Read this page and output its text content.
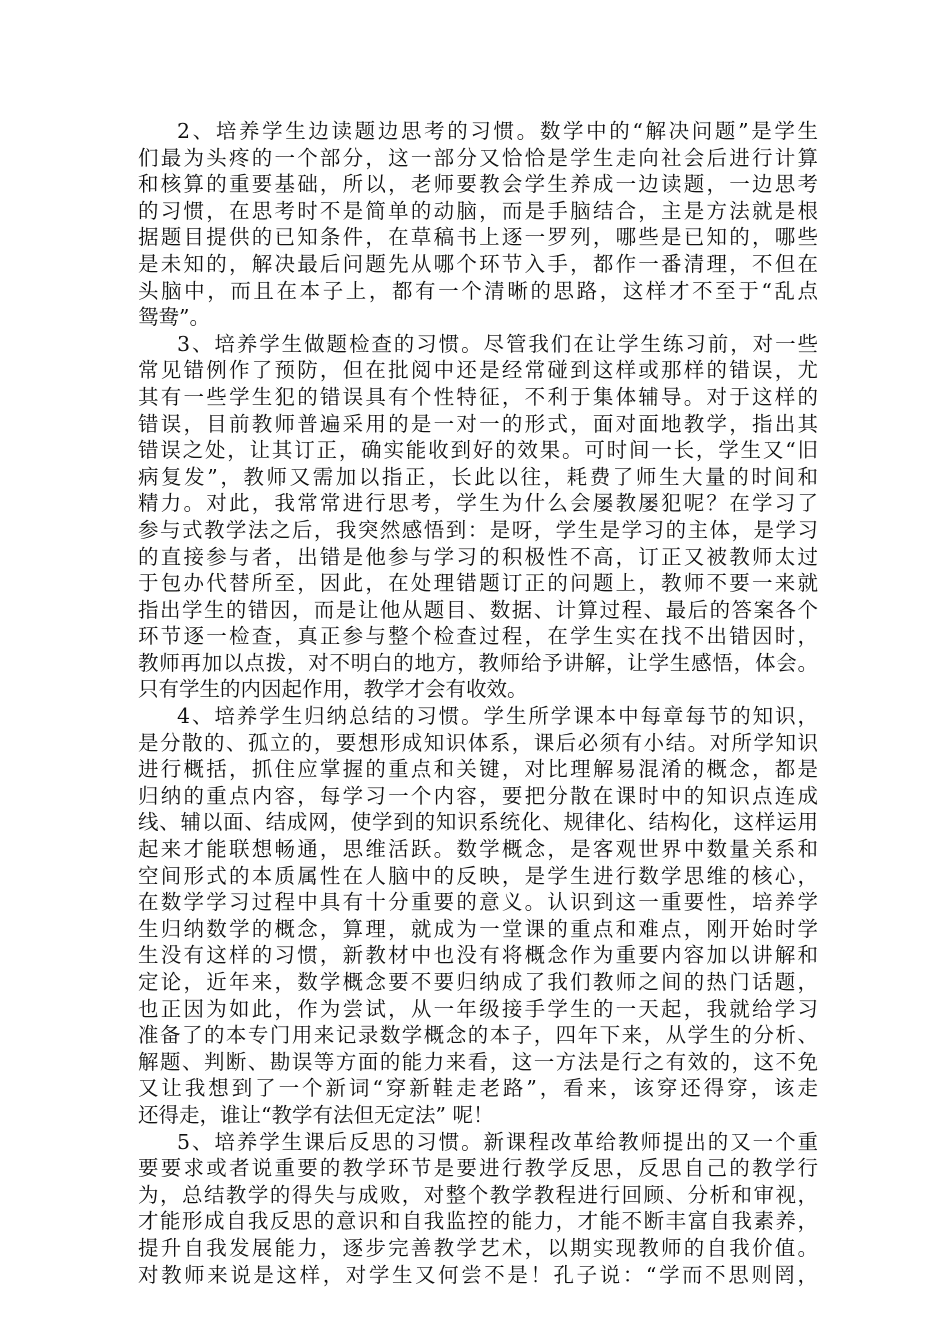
2、培养学生边读题边思考的习惯。数学中的“解决问题”是学生
们最为头疼的一个部分，这一部分又恰恰是学生走向社会后进行计算
和核算的重要基础，所以，老师要教会学生养成一边读题，一边思考
的习惯，在思考时不是简单的动脑，而是手脑结合，主是方法就是根
据题目提供的已知条件，在草稿书上逐一罗列，哪些是已知的，哪些
是未知的，解决最后问题先从哪个环节入手，都作一番清理，不但在
头脑中，而且在本子上，都有一个清晰的思路，这样才不至于“乱点
鸳鸯”。
3、培养学生做题检查的习惯。尽管我们在让学生练习前，对一些
常见错例作了预防，但在批阅中还是经常碰到这样或那样的错误，尤
其有一些学生犯的错误具有个性特征，不利于集体辅导。对于这样的
错误，目前教师普遍采用的是一对一的形式，面对面地教学，指出其
错误之处，让其订正，确实能收到好的效果。可时间一长，学生又“旧
病复发”，教师又需加以指正，长此以往，耗费了师生大量的时间和
精力。对此，我常常进行思考，学生为什么会屡教屡犯呢？在学习了
参与式教学法之后，我突然感悟到：是呀，学生是学习的主体，是学习
的直接参与者，出错是他参与学习的积极性不高，订正又被教师太过
于包办代替所至，因此，在处理错题订正的问题上，教师不要一来就
指出学生的错因，而是让他从题目、数据、计算过程、最后的答案各个
环节逐一检查，真正参与整个检查过程，在学生实在找不出错因时，
教师再加以点拨，对不明白的地方，教师给予讲解，让学生感悟，体会。
只有学生的内因起作用，教学才会有收效。
4、培养学生归纳总结的习惯。学生所学课本中每章每节的知识，
是分散的、孤立的，要想形成知识体系，课后必须有小结。对所学知识
进行概括，抓住应掌握的重点和关键，对比理解易混淆的概念，都是
归纳的重点内容，每学习一个内容，要把分散在课时中的知识点连成
线、辅以面、结成网，使学到的知识系统化、规律化、结构化，这样运用
起来才能联想畅通，思维活跃。数学概念，是客观世界中数量关系和
空间形式的本质属性在人脑中的反映，是学生进行数学思维的核心，
在数学学习过程中具有十分重要的意义。认识到这一重要性，培养学
生归纳数学的概念，算理，就成为一堂课的重点和难点，刚开始时学
生没有这样的习惯，新教材中也没有将概念作为重要内容加以讲解和
定论，近年来，数学概念要不要归纳成了我们教师之间的热门话题，
也正因为如此，作为尝试，从一年级接手学生的一天起，我就给学习
准备了的本专门用来记录数学概念的本子，四年下来，从学生的分析、
解题、判断、勘误等方面的能力来看，这一方法是行之有效的，这不免
又让我想到了一个新词“穿新鞋走老路”，看来，该穿还得穿，该走
还得走，谁让“教学有法但无定法” 呢！
5、培养学生课后反思的习惯。新课程改革给教师提出的又一个重
要要求或者说重要的教学环节是要进行教学反思，反思自己的教学行
为，总结教学的得失与成败，对整个教学教程进行回顾、分析和审视，
才能形成自我反思的意识和自我监控的能力，才能不断丰富自我素养，
提升自我发展能力，逐步完善教学艺术，以期实现教师的自我价值。
对教师来说是这样，对学生又何尝不是！孔子说：“学而不思则罔，
